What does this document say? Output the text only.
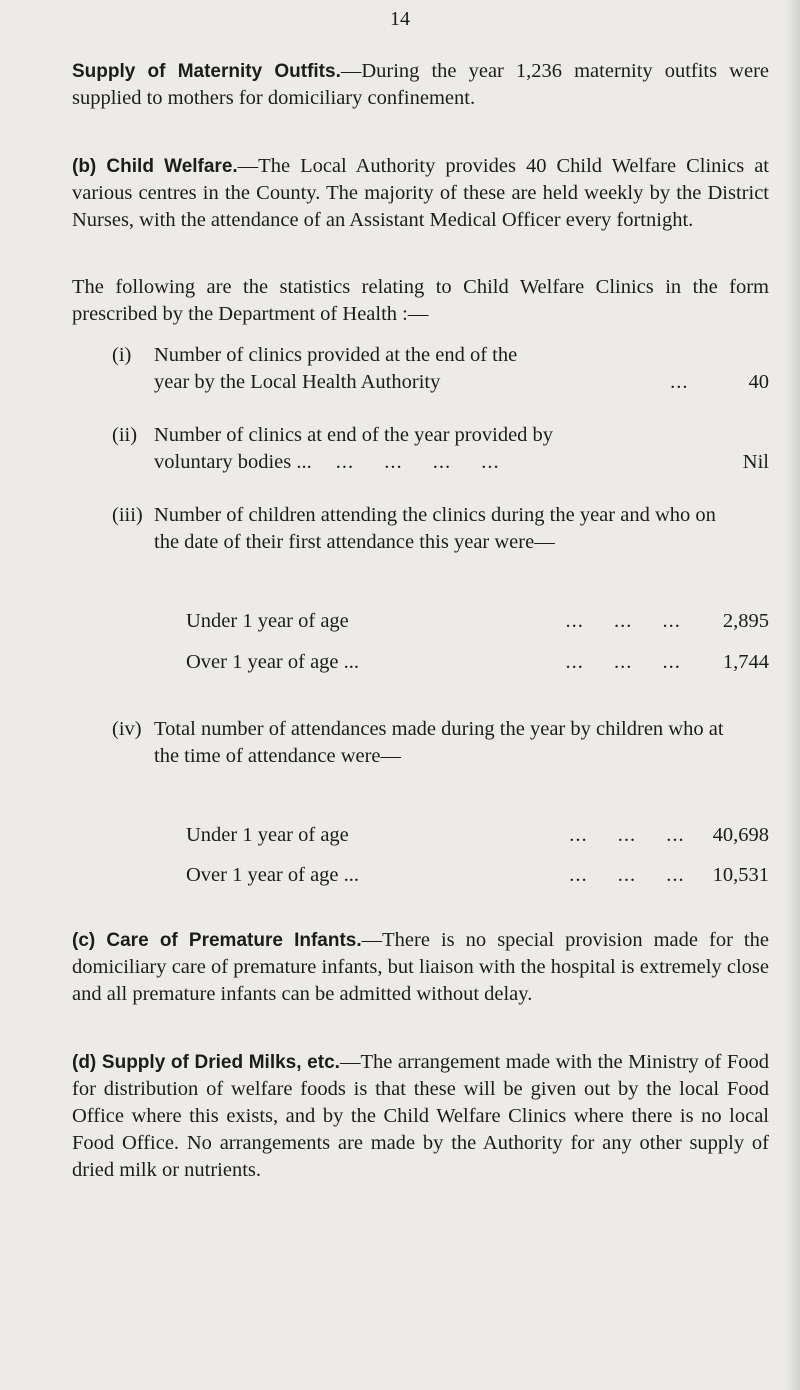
14

Supply of Maternity Outfits.—During the year 1,236 maternity outfits were supplied to mothers for domiciliary confinement.

(b) Child Welfare.—The Local Authority provides 40 Child Welfare Clinics at various centres in the County. The majority of these are held weekly by the District Nurses, with the attendance of an Assistant Medical Officer every fortnight.

The following are the statistics relating to Child Welfare Clinics in the form prescribed by the Department of Health :—

(i) Number of clinics provided at the end of the
year by the Local Health Authority	...	40
(ii) Number of clinics at end of the year provided by
voluntary bodies ...	... ... ... ...	Nil
(iii) Number of children attending the clinics during the year and who on the date of their first attendance this year were—
Under 1 year of age	... ... ...	2,895
Over 1 year of age ...	... ... ...	1,744
(iv) Total number of attendances made during the year by children who at the time of attendance were—
Under 1 year of age	... ... ...	40,698
Over 1 year of age ...	... ... ...	10,531

(c) Care of Premature Infants.—There is no special provision made for the domiciliary care of premature infants, but liaison with the hospital is extremely close and all premature infants can be admitted without delay.

(d) Supply of Dried Milks, etc.—The arrangement made with the Ministry of Food for distribution of welfare foods is that these will be given out by the local Food Office where this exists, and by the Child Welfare Clinics where there is no local Food Office. No arrangements are made by the Authority for any other supply of dried milk or nutrients.
